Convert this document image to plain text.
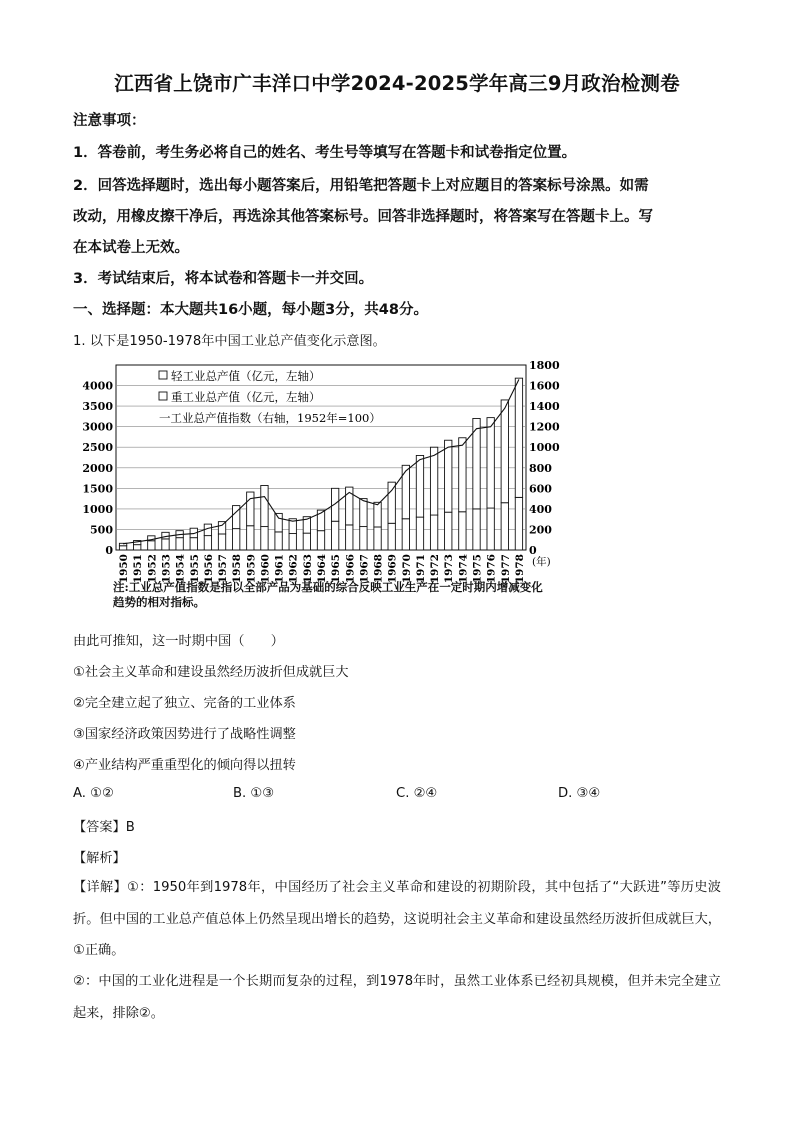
江西省上饶市广丰洋口中学2024-2025学年高三9月政治检测卷
注意事项：
1．答卷前，考生务必将自己的姓名、考生号等填写在答题卡和试卷指定位置。
2．回答选择题时，选出每小题答案后，用铅笔把答题卡上对应题目的答案标号涂黑。如需
改动，用橡皮擦干净后，再选涂其他答案标号。回答非选择题时，将答案写在答题卡上。写
在本试卷上无效。
3．考试结束后，将本试卷和答题卡一并交回。
一、选择题：本大题共16小题，每小题3分，共48分。
1. 以下是1950-1978年中国工业总产值变化示意图。
0
500
1000
1500
2000
2500
3000
3500
4000
0
200
400
600
800
1000
1200
1400
1600
1800
1950 1951 1952 1953 1954 1955 1956 1957 1958 1959 1960 1961 1962 1963 1964 1965 1966 1967 1968 1969 1970 1971 1972 1973 1974 1975 1976 1977 1978 (年)
轻工业总产值（亿元，左轴）
重工业总产值（亿元，左轴）
一工业总产值指数（右轴，1952年=100）
注:工业总产值指数是指以全部产品为基础的综合反映工业生产在一定时期内增减变化趋势的相对指标。
由此可推知，这一时期中国（　　）
①社会主义革命和建设虽然经历波折但成就巨大
②完全建立起了独立、完备的工业体系
③国家经济政策因势进行了战略性调整
④产业结构严重重型化的倾向得以扭转
A. ①②	B. ①③	C. ②④	D. ③④
【答案】B
【解析】
【详解】①：1950年到1978年，中国经历了社会主义革命和建设的初期阶段，其中包括了“大跃进”等历史波折。但中国的工业总产值总体上仍然呈现出增长的趋势，这说明社会主义革命和建设虽然经历波折但成就巨大，①正确。
②：中国的工业化进程是一个长期而复杂的过程，到1978年时，虽然工业体系已经初具规模，但并未完全建立起来，排除②。
